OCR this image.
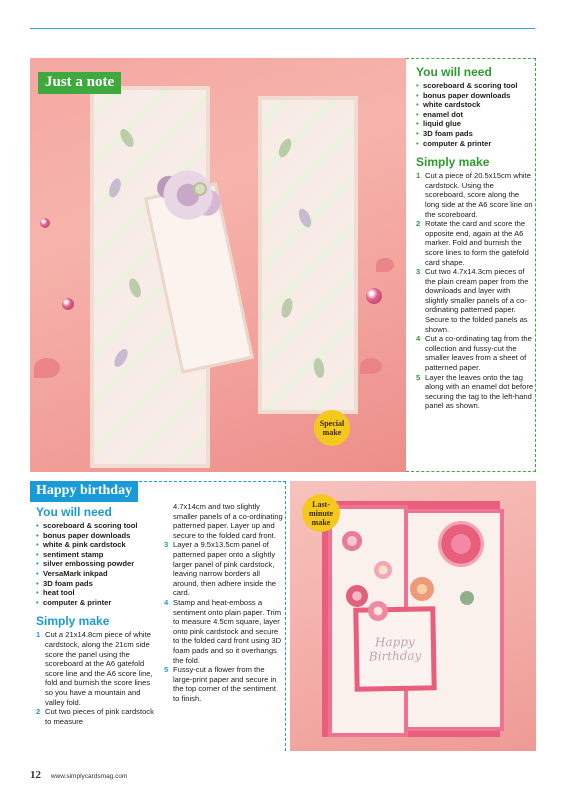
Just a note
Special make
You will need
• scoreboard & scoring tool
• bonus paper downloads
• white cardstock
• enamel dot
• liquid glue
• 3D foam pads
• computer & printer
Simply make
1 Cut a piece of 20.5x15cm white cardstock. Using the scoreboard, score along the long side at the A6 score line on the scoreboard.
2 Rotate the card and score the opposite end, again at the A6 marker. Fold and burnish the score lines to form the gatefold card shape.
3 Cut two 4.7x14.3cm pieces of the plain cream paper from the downloads and layer with slightly smaller panels of a co-ordinating patterned paper. Secure to the folded panels as shown.
4 Cut a co-ordinating tag from the collection and fussy-cut the smaller leaves from a sheet of patterned paper.
5 Layer the leaves onto the tag along with an enamel dot before securing the tag to the left-hand panel as shown.
Happy birthday
You will need
• scoreboard & scoring tool
• bonus paper downloads
• white & pink cardstock
• sentiment stamp
• silver embossing powder
• VersaMark inkpad
• 3D foam pads
• heat tool
• computer & printer
Simply make
1 Cut a 21x14.8cm piece of white cardstock, along the 21cm side score the panel using the scoreboard at the A6 gatefold score line and the A6 score line, fold and burnish the score lines so you have a mountain and valley fold.
2 Cut two pieces of pink cardstock to measure
4.7x14cm and two slightly smaller panels of a co-ordinating patterned paper. Layer up and secure to the folded card front.
3 Layer a 9.5x13.5cm panel of patterned paper onto a slightly larger panel of pink cardstock, leaving narrow borders all around, then adhere inside the card.
4 Stamp and heat-emboss a sentiment onto plain paper. Trim to measure 4.5cm square, layer onto pink cardstock and secure to the folded card front using 3D foam pads and so it overhangs the fold.
5 Fussy-cut a flower from the large-print paper and secure in the top corner of the sentiment to finish.
Happy
Birthday
Last-minute make
12 www.simplycardsmag.com
